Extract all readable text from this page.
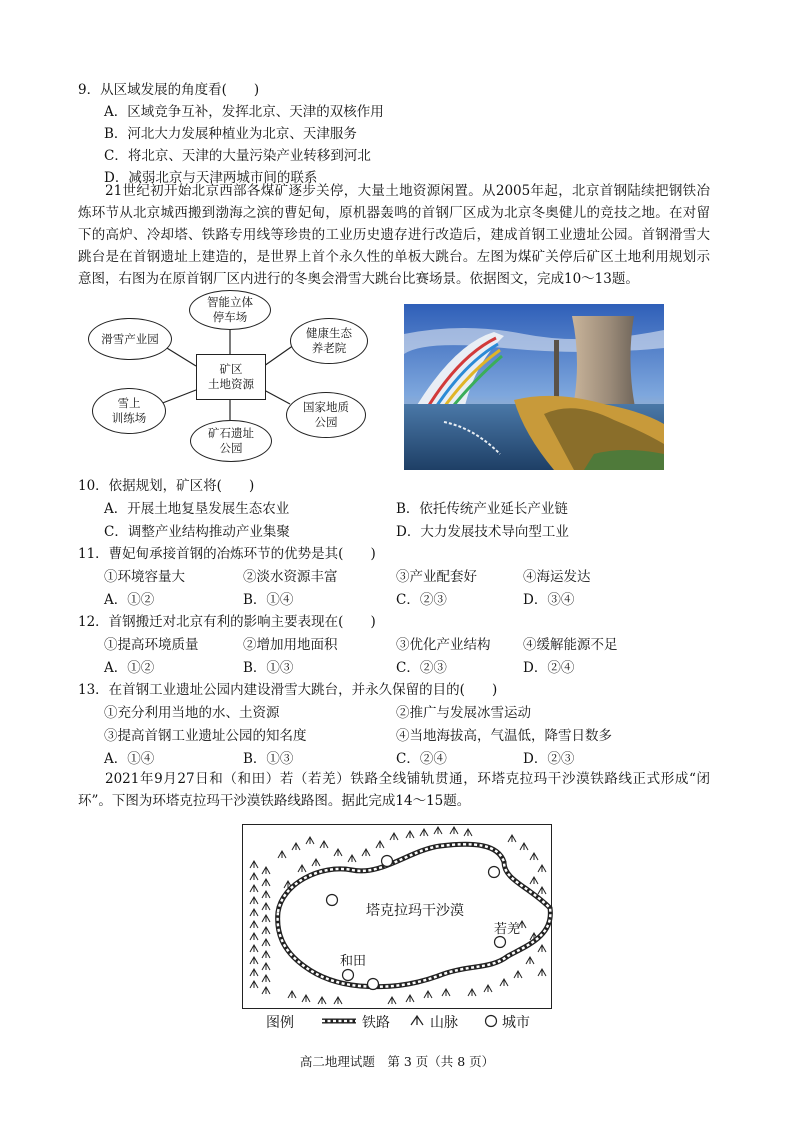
9．从区域发展的角度看(　　)
A．区域竞争互补，发挥北京、天津的双核作用
B．河北大力发展种植业为北京、天津服务
C．将北京、天津的大量污染产业转移到河北
D．减弱北京与天津两城市间的联系
21世纪初开始北京西部各煤矿逐步关停，大量土地资源闲置。从2005年起，北京首钢陆续把钢铁冶炼环节从北京城西搬到渤海之滨的曹妃甸，原机器轰鸣的首钢厂区成为北京冬奥健儿的竞技之地。在对留下的高炉、冷却塔、铁路专用线等珍贵的工业历史遗存进行改造后，建成首钢工业遗址公园。首钢滑雪大跳台是在首钢遗址上建造的，是世界上首个永久性的单板大跳台。左图为煤矿关停后矿区土地利用规划示意图，右图为在原首钢厂区内进行的冬奥会滑雪大跳台比赛场景。依据图文，完成10～13题。
矿区
土地资源
智能立体
停车场
滑雪产业园	健康生态
养老院
雪上
训练场
国家地质
公园
矿石遗址
公园
10．依据规划，矿区将(　　)
A．开展土地复垦发展生态农业	B．依托传统产业延长产业链
C．调整产业结构推动产业集聚	D．大力发展技术导向型工业
11．曹妃甸承接首钢的冶炼环节的优势是其(　　)
①环境容量大	②淡水资源丰富	③产业配套好	④海运发达
A．①②	B．①④	C．②③	D．③④
12．首钢搬迁对北京有利的影响主要表现在(　　)
①提高环境质量	②增加用地面积	③优化产业结构 ④缓解能源不足
A．①②	B．①③	C．②③	D．②④
13．在首钢工业遗址公园内建设滑雪大跳台，并永久保留的目的(　　)
①充分利用当地的水、土资源	②推广与发展冰雪运动
③提高首钢工业遗址公园的知名度	④当地海拔高，气温低，降雪日数多
A．①④	B．①③	C．②④	D．②③
2021年9月27日和（和田）若（若羌）铁路全线铺轨贯通，环塔克拉玛干沙漠铁路线正式形成“闭环”。下图为环塔克拉玛干沙漠铁路线路图。据此完成14～15题。
塔克拉玛干沙漠
和田
若羌
图例	铁路	山脉	城市
高二地理试题　第 3 页（共 8 页）
